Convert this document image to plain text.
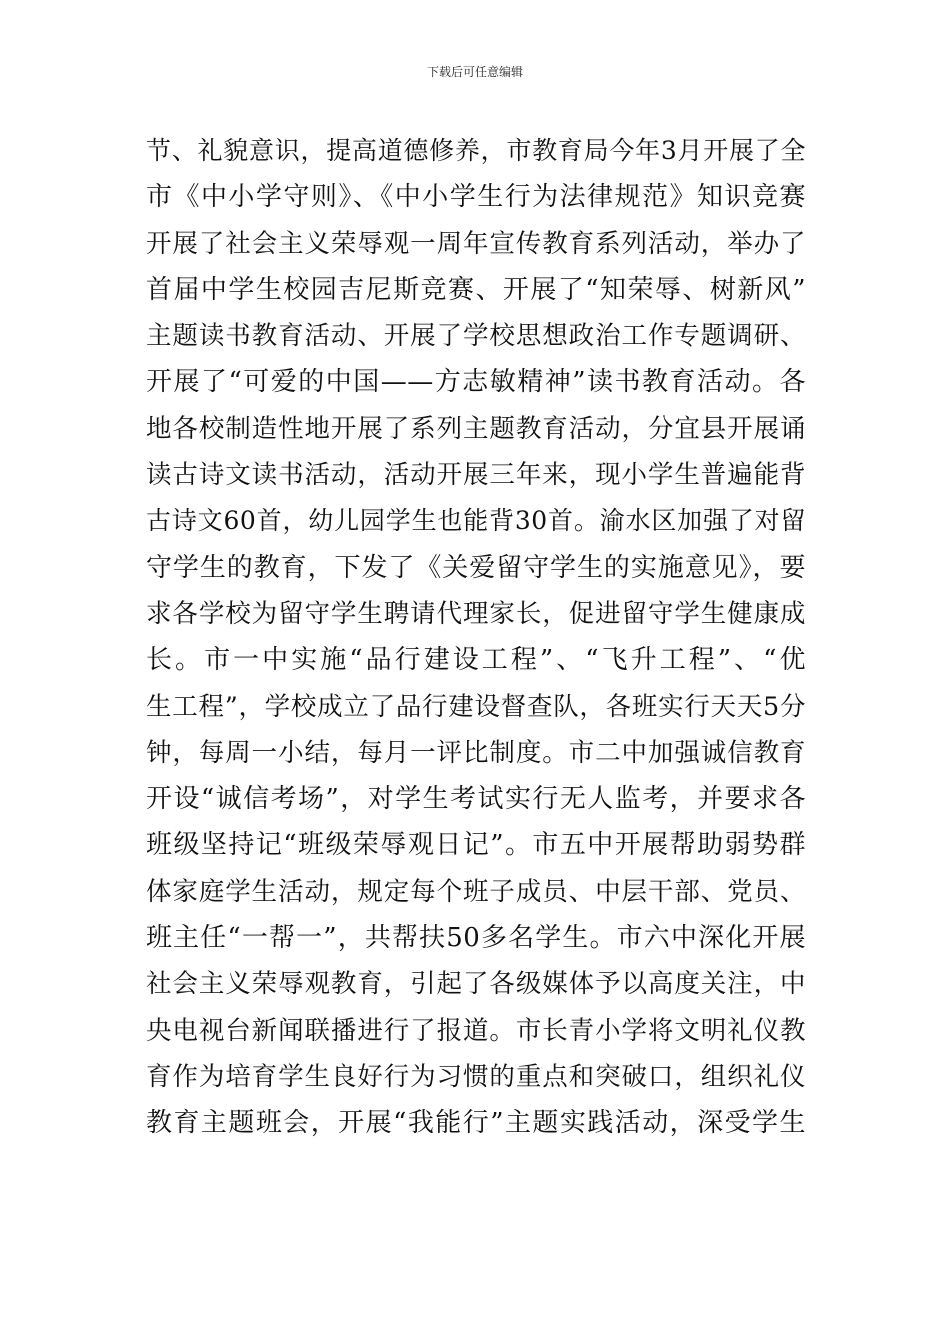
下载后可任意编辑
节、礼貌意识，提高道德修养，市教育局今年3月开展了全
市《中小学守则》、《中小学生行为法律规范》知识竞赛
开展了社会主义荣辱观一周年宣传教育系列活动，举办了
首届中学生校园吉尼斯竞赛、开展了“知荣辱、树新风”
主题读书教育活动、开展了学校思想政治工作专题调研、
开展了“可爱的中国——方志敏精神”读书教育活动。各
地各校制造性地开展了系列主题教育活动，分宜县开展诵
读古诗文读书活动，活动开展三年来，现小学生普遍能背
古诗文60首，幼儿园学生也能背30首。渝水区加强了对留
守学生的教育，下发了《关爱留守学生的实施意见》，要
求各学校为留守学生聘请代理家长，促进留守学生健康成
长。市一中实施“品行建设工程”、“飞升工程”、“优
生工程”，学校成立了品行建设督查队，各班实行天天5分
钟，每周一小结，每月一评比制度。市二中加强诚信教育
开设“诚信考场”，对学生考试实行无人监考，并要求各
班级坚持记“班级荣辱观日记”。市五中开展帮助弱势群
体家庭学生活动，规定每个班子成员、中层干部、党员、
班主任“一帮一”，共帮扶50多名学生。市六中深化开展
社会主义荣辱观教育，引起了各级媒体予以高度关注，中
央电视台新闻联播进行了报道。市长青小学将文明礼仪教
育作为培育学生良好行为习惯的重点和突破口，组织礼仪
教育主题班会，开展“我能行”主题实践活动，深受学生
